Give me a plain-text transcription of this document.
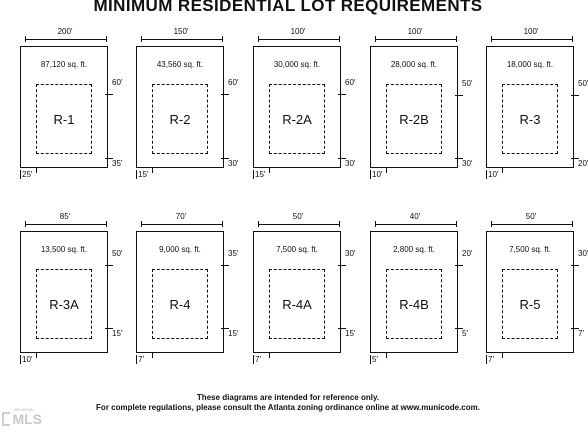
MINIMUM RESIDENTIAL LOT REQUIREMENTS
200′
87,120 sq. ft.
R-1
60′
35′
25′
150′
43,560 sq. ft.
R-2
60′
30′
15′
100′
30,000 sq. ft.
R-2A
60′
30′
15′
100′
28,000 sq. ft.
R-2B
50′
30′
10′
100′
18,000 sq. ft.
R-3
50′
20′
10′
85′
13,500 sq. ft.
R-3A
50′
15′
10′
70′
9,000 sq. ft.
R-4
35′
15′
7′
50′
7,500 sq. ft.
R-4A
30′
15′
7′
40′
2,800 sq. ft.
R-4B
20′
5′
5′
50′
7,500 sq. ft.
R-5
30′
7′
7′
These diagrams are intended for reference only.
For complete regulations, please consult the Atlanta zoning ordinance online at www.municode.com.
GEORGIA
MLS
